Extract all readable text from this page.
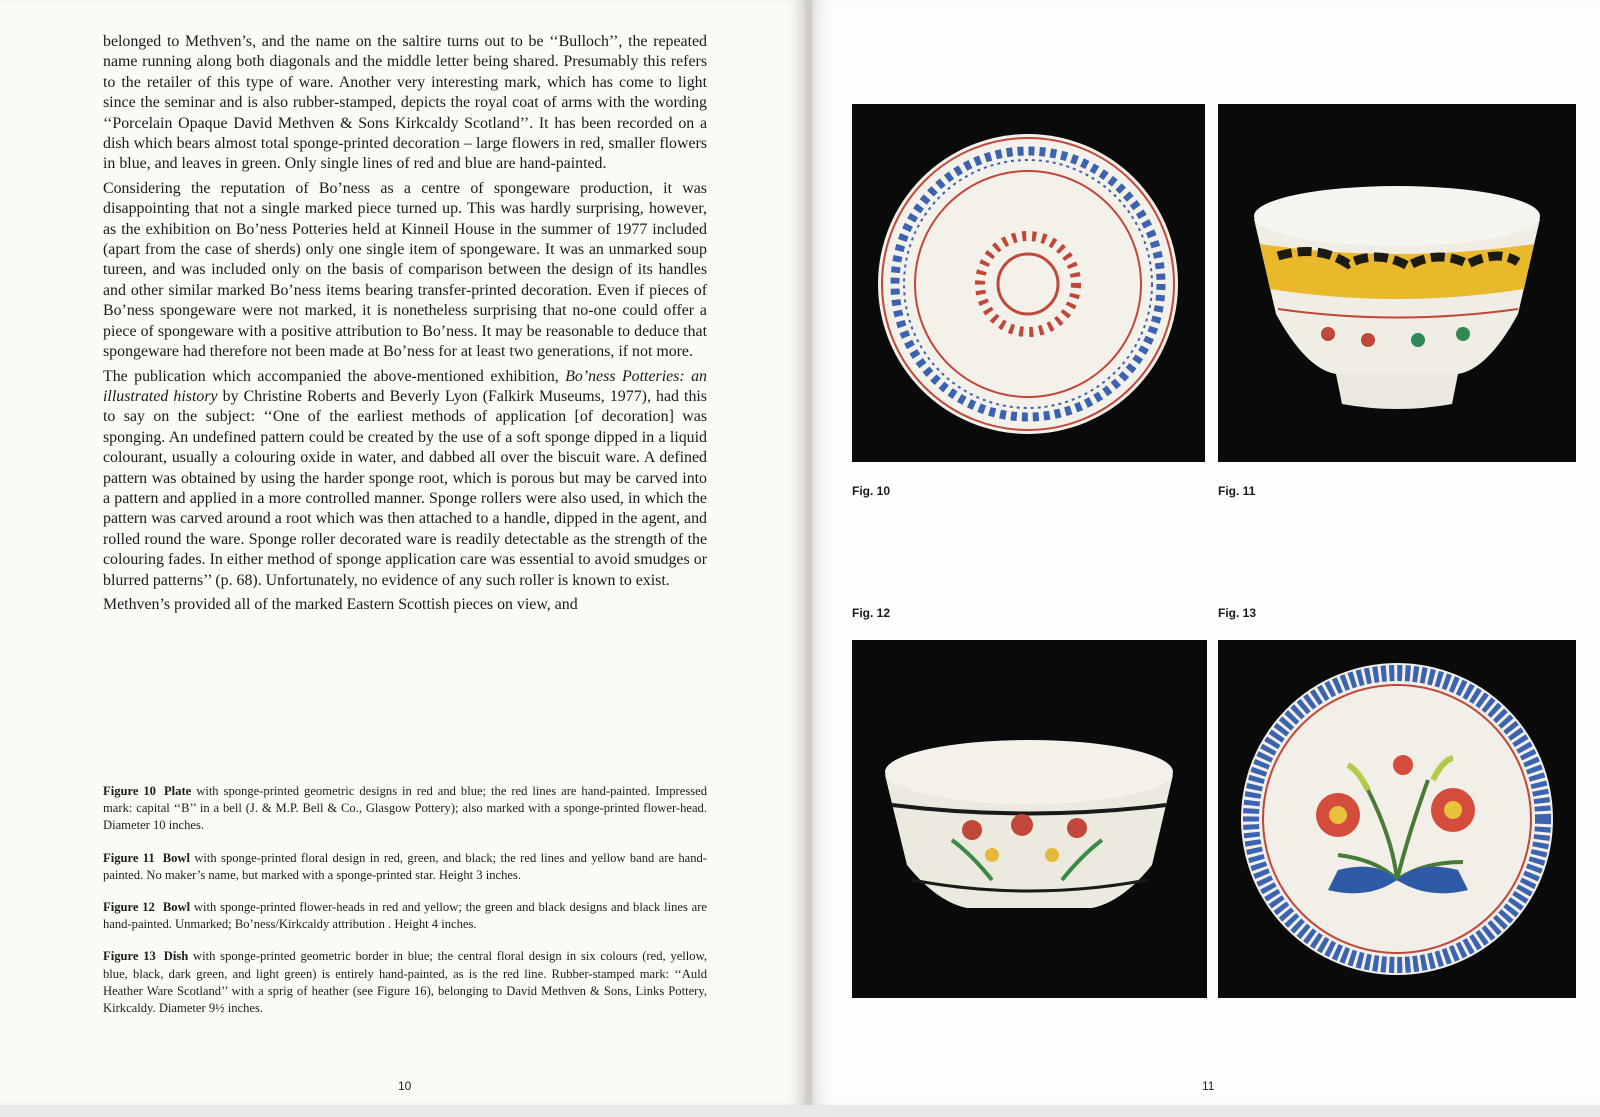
belonged to Methven’s, and the name on the saltire turns out to be ‘‘Bulloch’’, the repeated name running along both diagonals and the middle letter being shared. Presumably this refers to the retailer of this type of ware. Another very interesting mark, which has come to light since the seminar and is also rubber-stamped, depicts the royal coat of arms with the wording ‘‘Porcelain Opaque David Methven & Sons Kirkcaldy Scotland’’. It has been recorded on a dish which bears almost total sponge-printed decoration – large flowers in red, smaller flowers in blue, and leaves in green. Only single lines of red and blue are hand-painted.

Considering the reputation of Bo’ness as a centre of spongeware production, it was disappointing that not a single marked piece turned up. This was hardly surprising, however, as the exhibition on Bo’ness Potteries held at Kinneil House in the summer of 1977 included (apart from the case of sherds) only one single item of spongeware. It was an unmarked soup tureen, and was included only on the basis of comparison between the design of its handles and other similar marked Bo’ness items bearing transfer-printed decoration. Even if pieces of Bo’ness spongeware were not marked, it is nonetheless surprising that no-one could offer a piece of spongeware with a positive attribution to Bo’ness. It may be reasonable to deduce that spongeware had therefore not been made at Bo’ness for at least two generations, if not more.

The publication which accompanied the above-mentioned exhibition, Bo’ness Potteries: an illustrated history by Christine Roberts and Beverly Lyon (Falkirk Museums, 1977), had this to say on the subject: ‘‘One of the earliest methods of application [of decoration] was sponging. An undefined pattern could be created by the use of a soft sponge dipped in a liquid colourant, usually a colouring oxide in water, and dabbed all over the biscuit ware. A defined pattern was obtained by using the harder sponge root, which is porous but may be carved into a pattern and applied in a more controlled manner. Sponge rollers were also used, in which the pattern was carved around a root which was then attached to a handle, dipped in the agent, and rolled round the ware. Sponge roller decorated ware is readily detectable as the strength of the colouring fades. In either method of sponge application care was essential to avoid smudges or blurred patterns’’ (p. 68). Unfortunately, no evidence of any such roller is known to exist.

Methven’s provided all of the marked Eastern Scottish pieces on view, and

Figure 10 Plate with sponge-printed geometric designs in red and blue; the red lines are hand-painted. Impressed mark: capital ‘‘B’’ in a bell (J. & M.P. Bell & Co., Glasgow Pottery); also marked with a sponge-printed flower-head. Diameter 10 inches.

Figure 11 Bowl with sponge-printed floral design in red, green, and black; the red lines and yellow band are hand-painted. No maker’s name, but marked with a sponge-printed star. Height 3 inches.

Figure 12 Bowl with sponge-printed flower-heads in red and yellow; the green and black designs and black lines are hand-painted. Unmarked; Bo’ness/Kirkcaldy attribution . Height 4 inches.

Figure 13 Dish with sponge-printed geometric border in blue; the central floral design in six colours (red, yellow, blue, black, dark green, and light green) is entirely hand-painted, as is the red line. Rubber-stamped mark: ‘‘Auld Heather Ware Scotland’’ with a sprig of heather (see Figure 16), belonging to David Methven & Sons, Links Pottery, Kirkcaldy. Diameter 9½ inches.

10
Fig. 10	Fig. 11
Fig. 12	Fig. 13
11
